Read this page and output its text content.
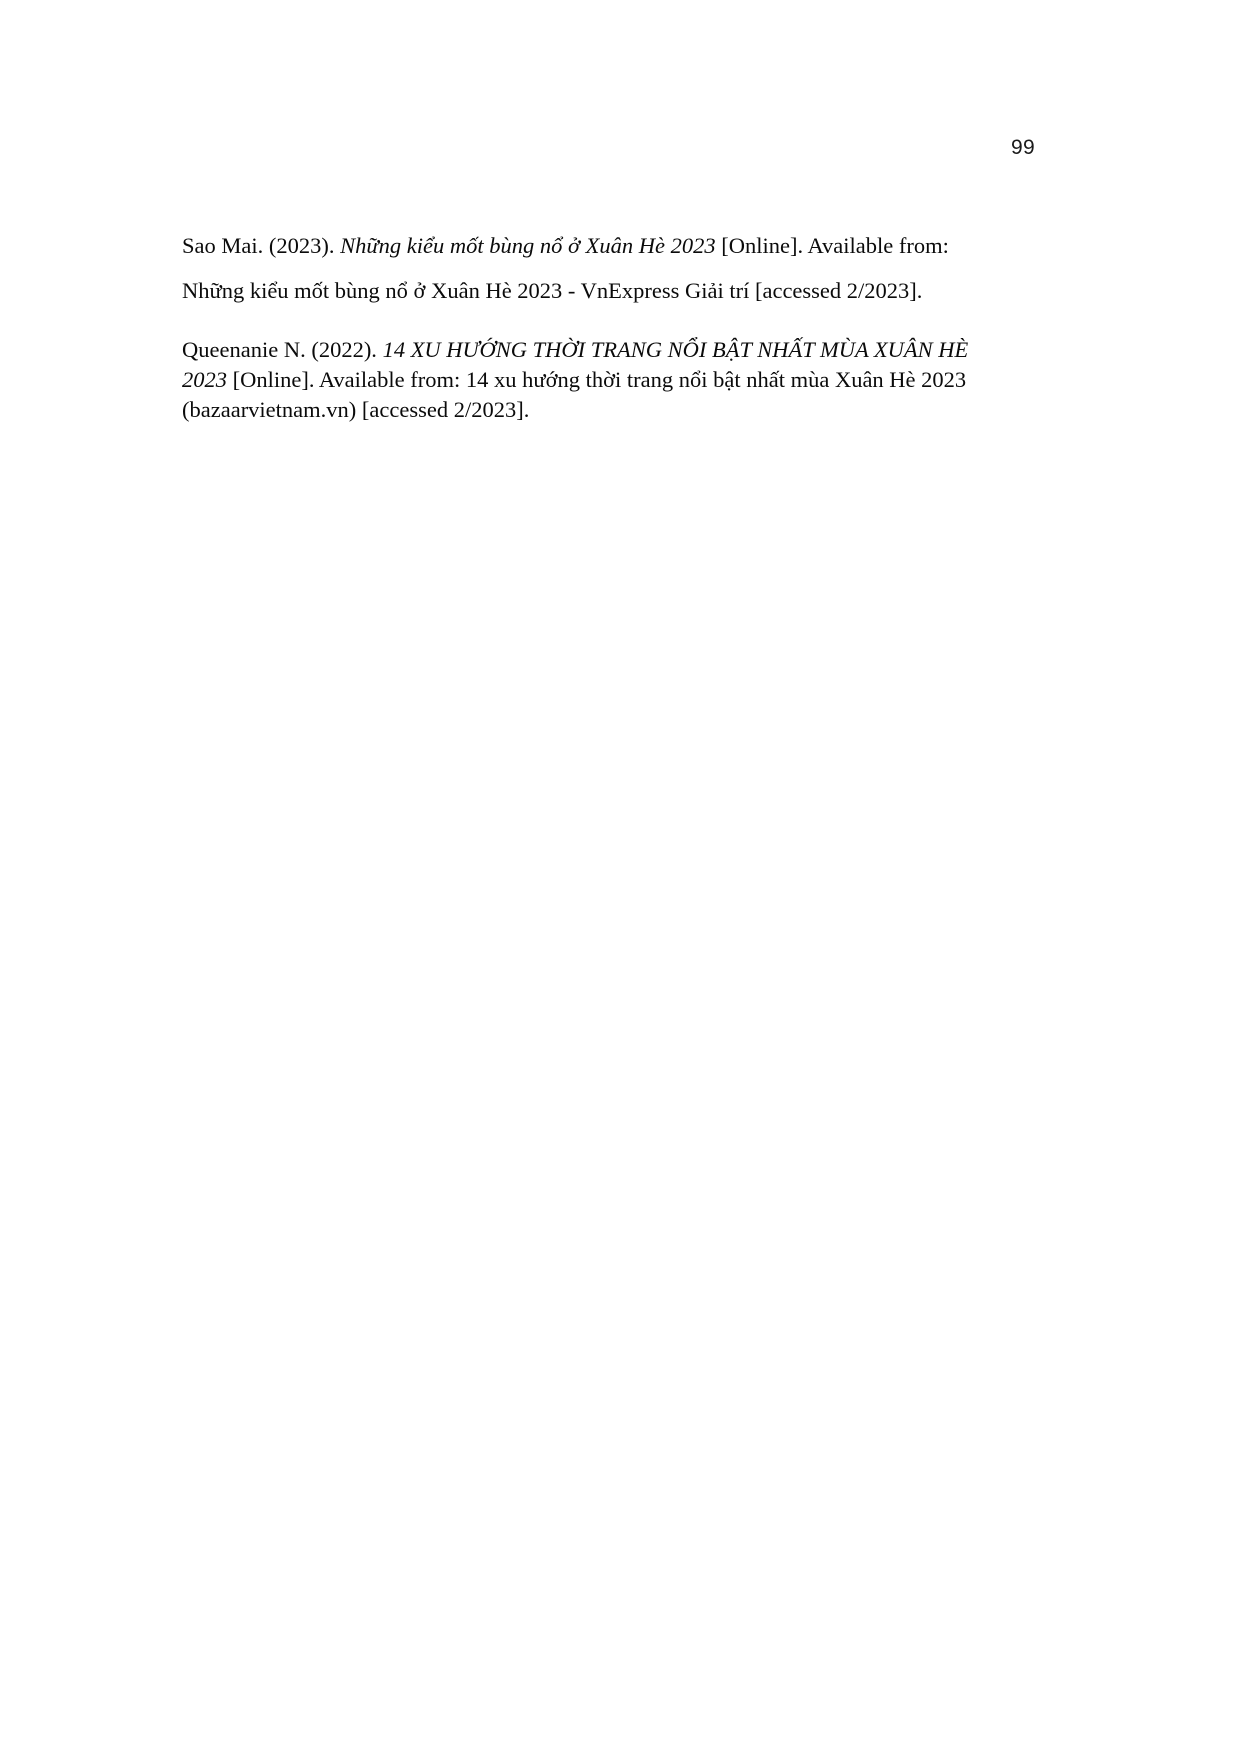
99

Sao Mai. (2023). Những kiểu mốt bùng nổ ở Xuân Hè 2023 [Online]. Available from: Những kiểu mốt bùng nổ ở Xuân Hè 2023 - VnExpress Giải trí [accessed 2/2023].

Queenanie N. (2022). 14 XU HƯỚNG THỜI TRANG NỔI BẬT NHẤT MÙA XUÂN HÈ 2023 [Online]. Available from: 14 xu hướng thời trang nổi bật nhất mùa Xuân Hè 2023 (bazaarvietnam.vn) [accessed 2/2023].
